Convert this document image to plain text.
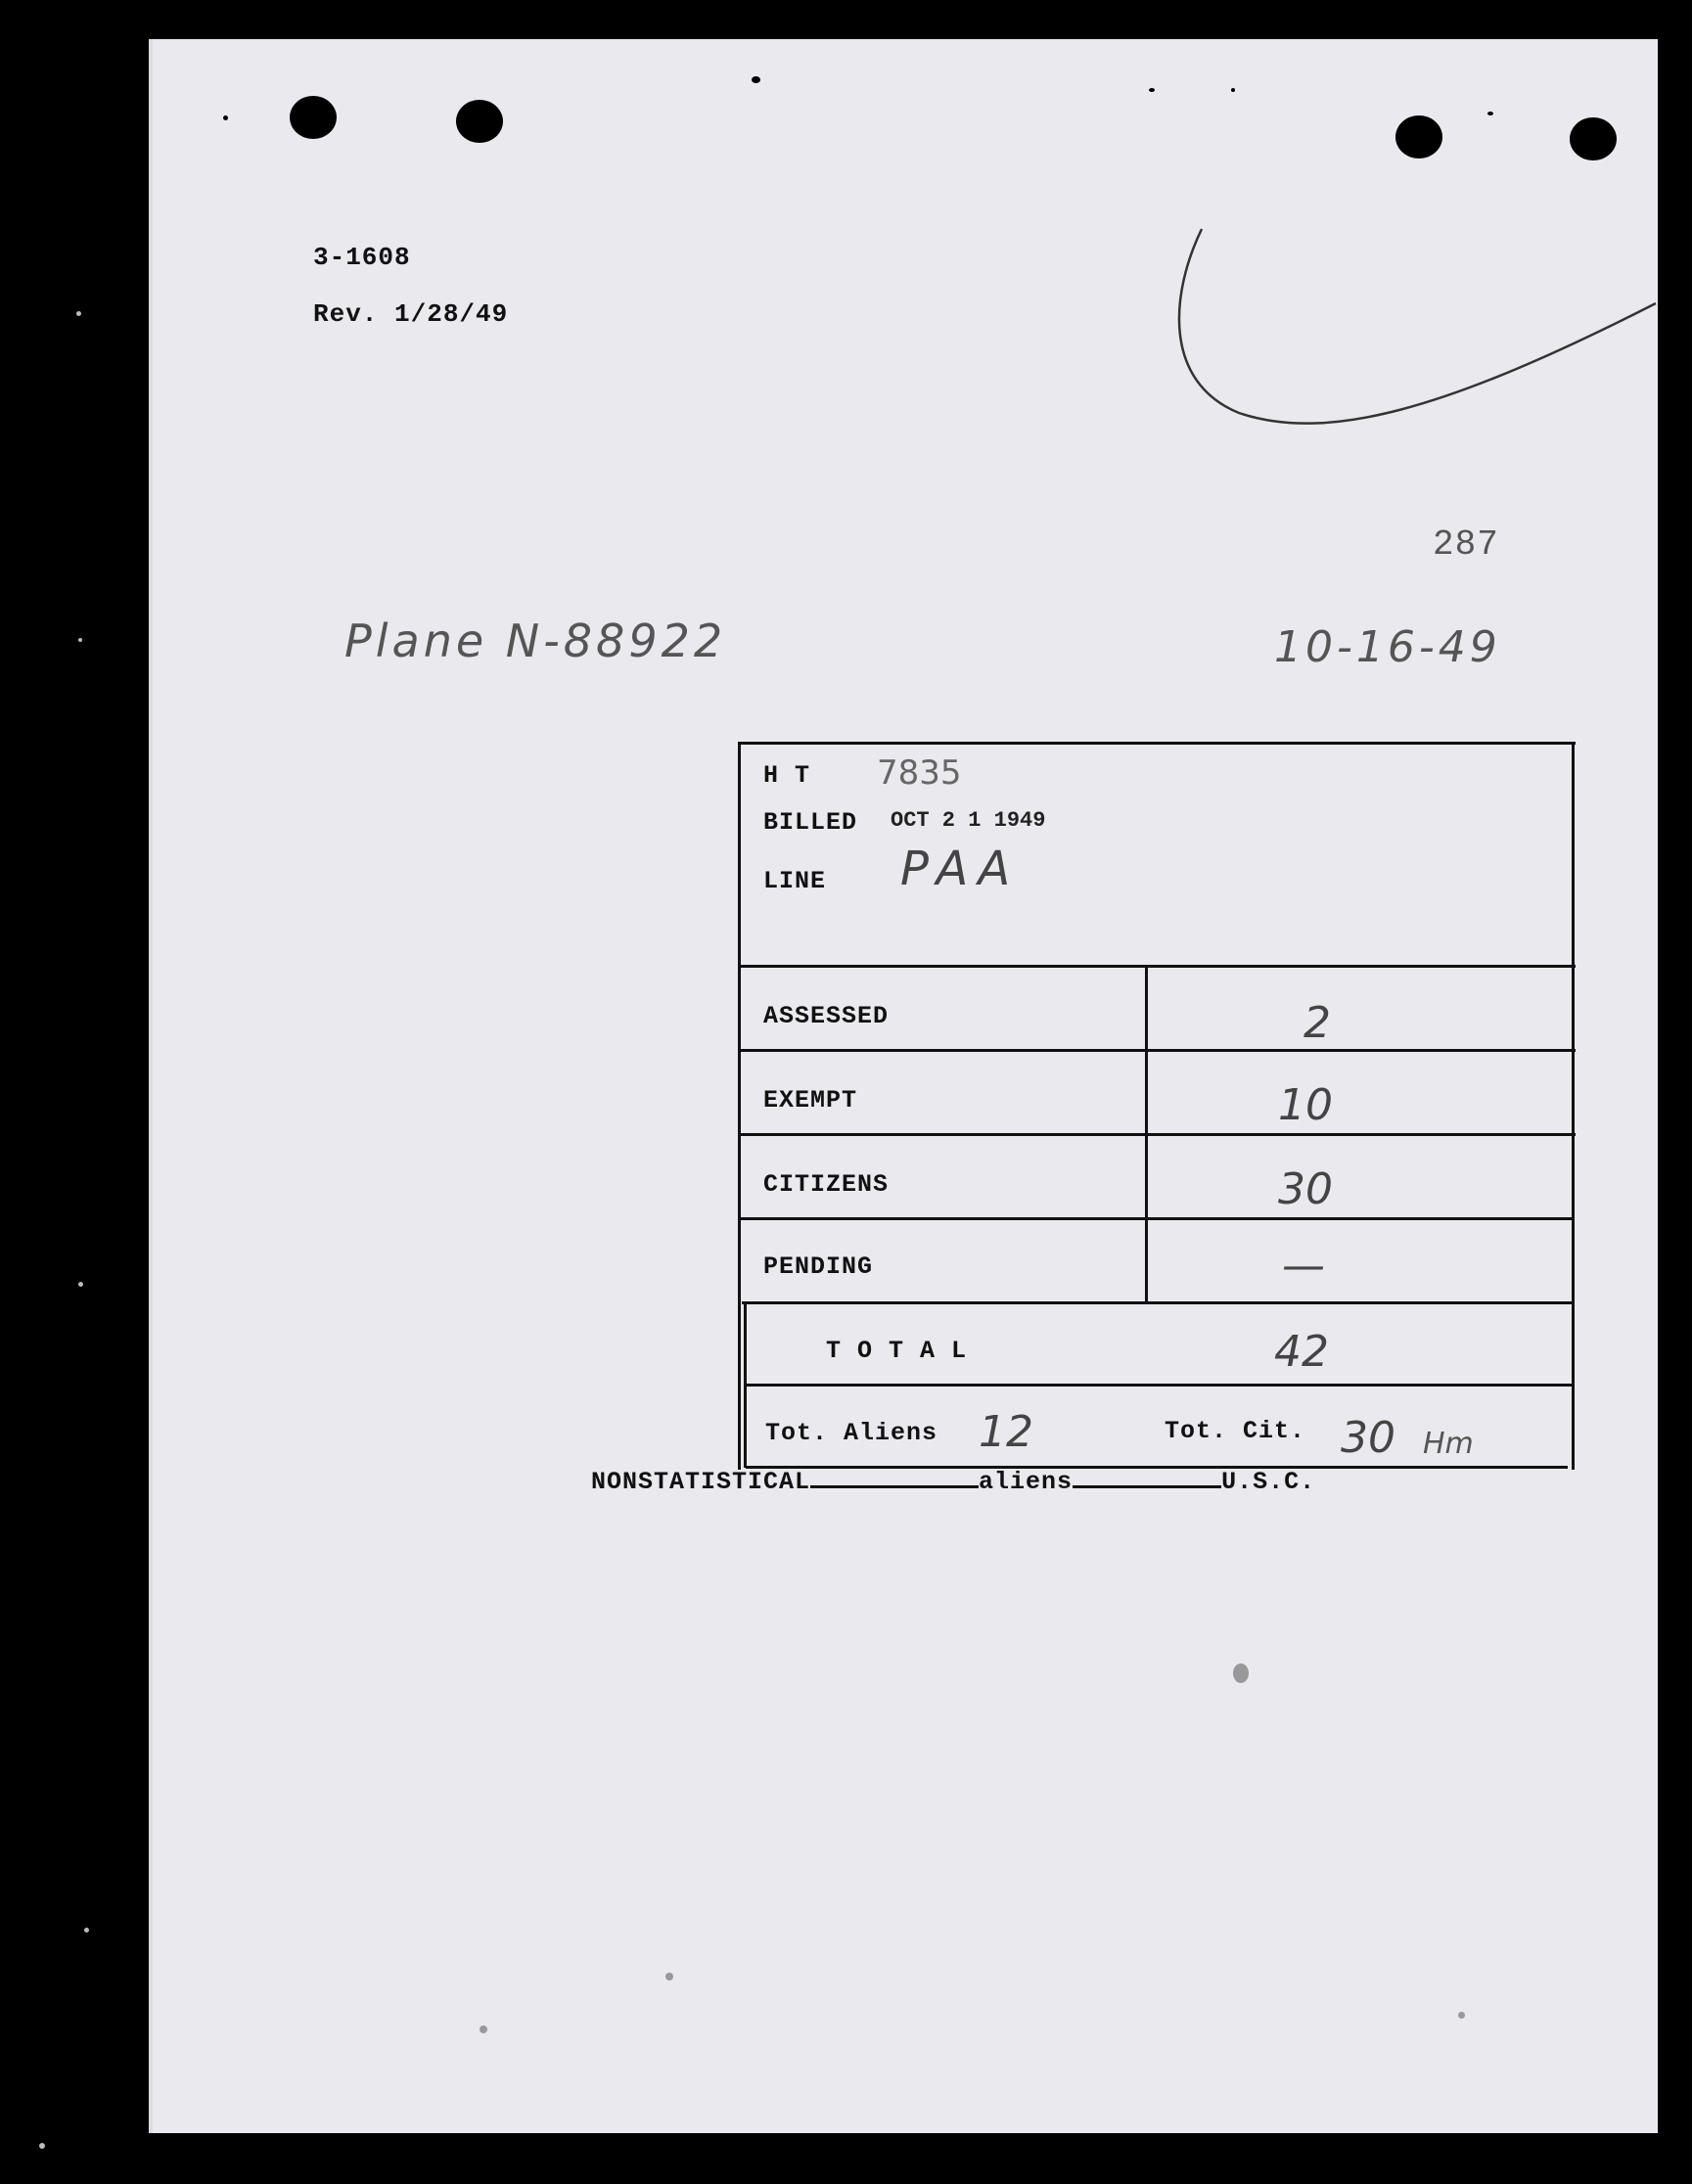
3-1608
Rev. 1/28/49
287
Plane N-88922	10-16-49
H T 7835
BILLED OCT 2 1 1949
LINE PAA
ASSESSED	2
EXEMPT	10
CITIZENS	30
PENDING	—
T O T A L	42
Tot. Aliens 12	Tot. Cit. 30 Hm
NONSTATISTICAL	aliens	U.S.C.
